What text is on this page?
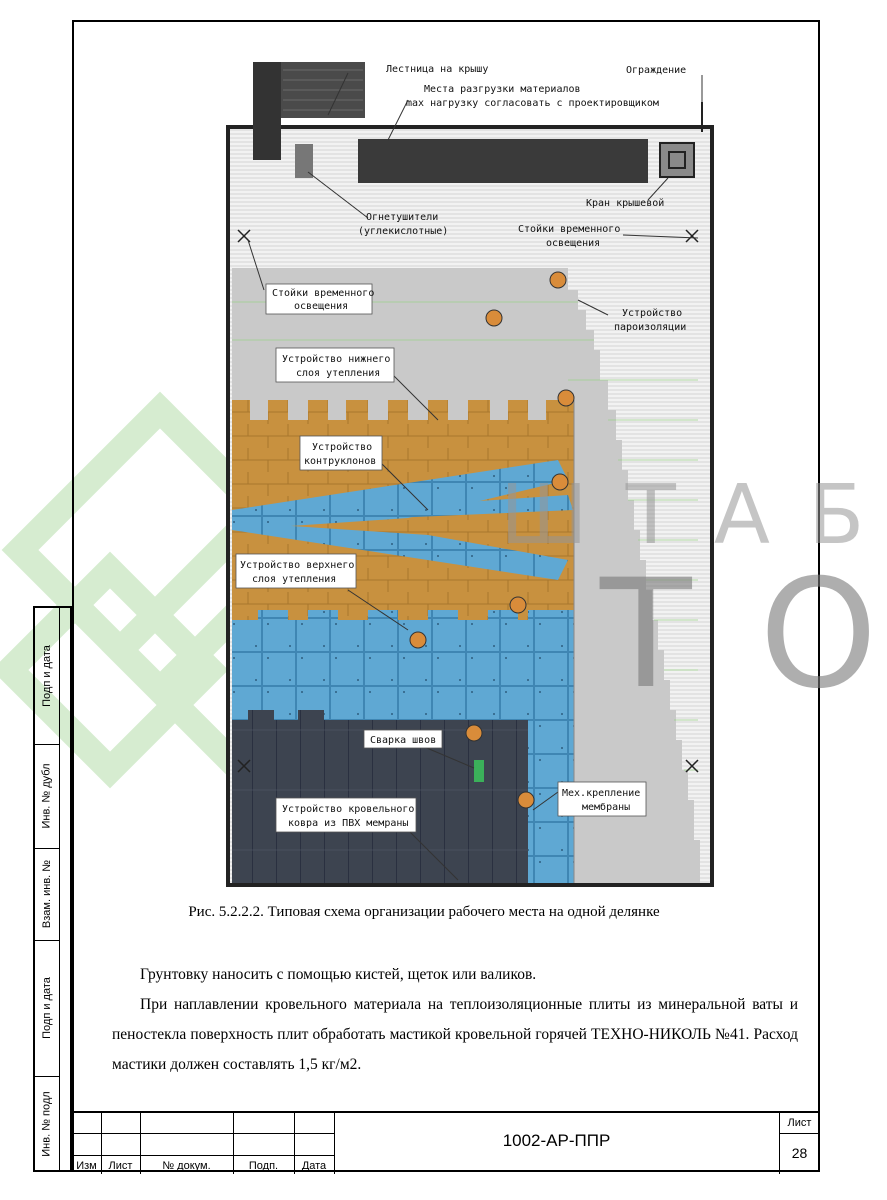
Лестница на крышу
Места разгрузки материалов
max нагрузку согласовать с проектировщиком
Ограждение
Кран крышевой
Огнетушители
(углекислотные)	Стойки временного
освещения
Стойки временного
освещения
Устройство
пароизоляции
Устройство нижнего
слоя утепления
Устройство
контруклонов
Устройство верхнего
слоя утепления
Сварка швов
Мех.крепление
мембраны
Устройство кровельного
ковра из ПВХ мемраны
Ш Т А Б
Т О
Рис. 5.2.2.2. Типовая схема организации рабочего места на одной делянке

Грунтовку наносить с помощью кистей, щеток или валиков.

При наплавлении кровельного материала на теплоизоляционные плиты из минеральной ваты и пеностекла поверхность плит обработать мастикой кровельной горячей ТЕХНО-НИКОЛЬ №41. Расход мастики должен составлять 1,5 кг/м2.

Подп и дата
Инв. № дубл
Взам. инв. №
Подп и дата
Инв. № подл
Изм	Лист	№ докум.	Подп.	Дата
1002-АР-ППР
Лист
28
